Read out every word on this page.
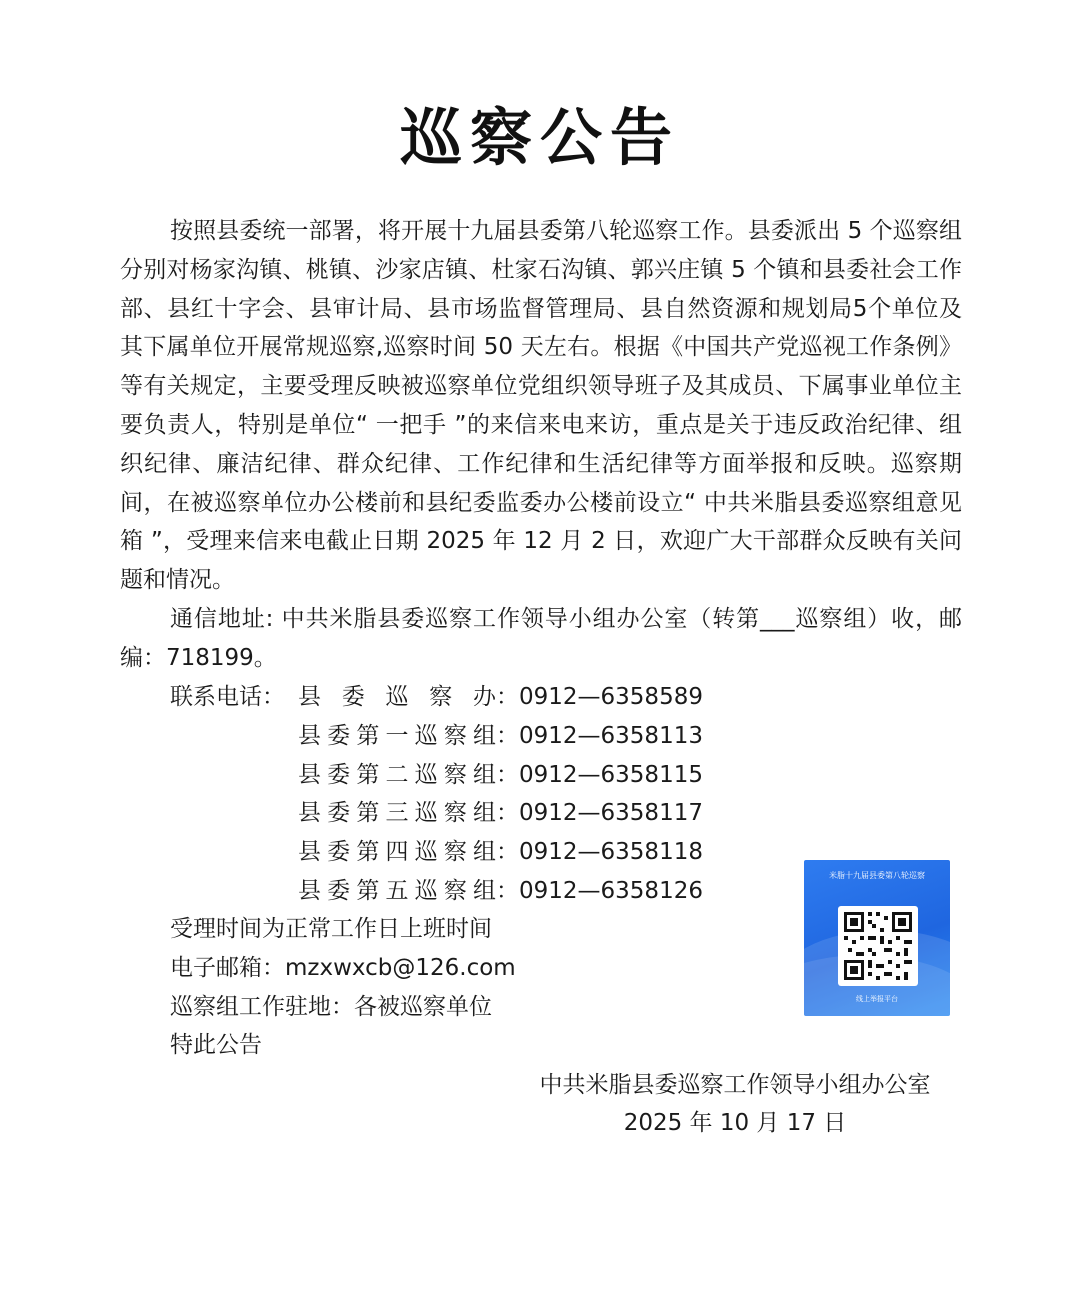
巡察公告

按照县委统一部署，将开展十九届县委第八轮巡察工作。县委派出 5 个巡察组分别对杨家沟镇、桃镇、沙家店镇、杜家石沟镇、郭兴庄镇 5 个镇和县委社会工作部、县红十字会、县审计局、县市场监督管理局、县自然资源和规划局5个单位及其下属单位开展常规巡察,巡察时间 50 天左右。根据《中国共产党巡视工作条例》等有关规定，主要受理反映被巡察单位党组织领导班子及其成员、下属事业单位主要负责人，特别是单位“ 一把手 ”的来信来电来访，重点是关于违反政治纪律、组织纪律、廉洁纪律、群众纪律、工作纪律和生活纪律等方面举报和反映。巡察期间，在被巡察单位办公楼前和县纪委监委办公楼前设立“ 中共米脂县委巡察组意见箱 ”，受理来信来电截止日期 2025 年 12 月 2 日，欢迎广大干部群众反映有关问题和情况。

通信地址: 中共米脂县委巡察工作领导小组办公室（转第___巡察组）收，邮编：718199。

联系电话： 县委巡察办：0912—6358589
县委第一巡察组：0912—6358113
县委第二巡察组：0912—6358115
县委第三巡察组：0912—6358117
县委第四巡察组：0912—6358118
县委第五巡察组：0912—6358126
受理时间为正常工作日上班时间
电子邮箱：mzxwxcb@126.com
巡察组工作驻地：各被巡察单位
特此公告
中共米脂县委巡察工作领导小组办公室
2025 年 10 月 17 日
米脂十九届县委第八轮巡察
线上举报平台
